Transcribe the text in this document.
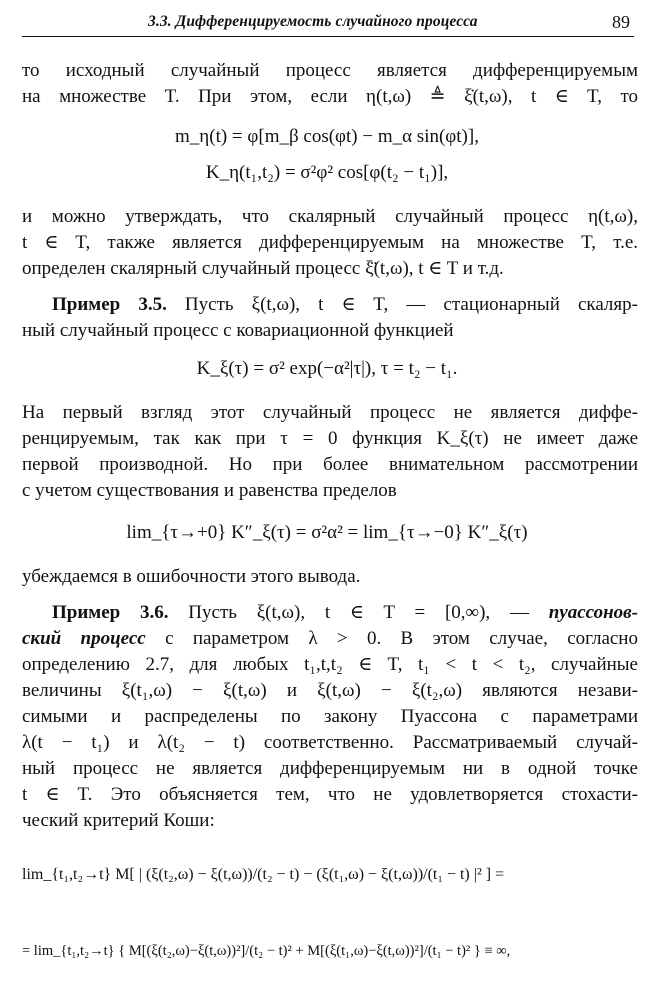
3.3. Дифференцируемость случайного процесса	89
то исходный случайный процесс является дифференцируемым
на множестве T. При этом, если η(t,ω) ≜ ξ̇(t,ω), t ∈ T, то
m_η(t) = φ[m_β cos(φt) − m_α sin(φt)],
K_η(t₁,t₂) = σ²φ² cos[φ(t₂ − t₁)],
и можно утверждать, что скалярный случайный процесс η(t,ω),
t ∈ T, также является дифференцируемым на множестве T, т.е.
определен скалярный случайный процесс ξ̈(t,ω), t ∈ T и т.д.
Пример 3.5. Пусть ξ(t,ω), t ∈ T, — стационарный скаляр-
ный случайный процесс с ковариационной функцией
K_ξ(τ) = σ² exp(−α²|τ|), τ = t₂ − t₁.
На первый взгляд этот случайный процесс не является диффе-
ренцируемым, так как при τ = 0 функция K_ξ(τ) не имеет даже
первой производной. Но при более внимательном рассмотрении
с учетом существования и равенства пределов
lim_{τ→+0} K″_ξ(τ) = σ²α² = lim_{τ→−0} K″_ξ(τ)
убеждаемся в ошибочности этого вывода.
Пример 3.6. Пусть ξ(t,ω), t ∈ T = [0,∞), — пуассонов-
ский процесс с параметром λ > 0. В этом случае, согласно
определению 2.7, для любых t₁,t,t₂ ∈ T, t₁ < t < t₂, случайные
величины ξ(t₁,ω) − ξ(t,ω) и ξ(t,ω) − ξ(t₂,ω) являются незави-
симыми и распределены по закону Пуассона с параметрами
λ(t − t₁) и λ(t₂ − t) соответственно. Рассматриваемый случай-
ный процесс не является дифференцируемым ни в одной точке
t ∈ T. Это объясняется тем, что не удовлетворяется стохасти-
ческий критерий Коши:
lim_{t₁,t₂→t} M[ | (ξ(t₂,ω) − ξ(t,ω))/(t₂ − t) − (ξ(t₁,ω) − ξ(t,ω))/(t₁ − t) |² ] =
= lim_{t₁,t₂→t} { M[(ξ(t₂,ω)−ξ(t,ω))²]/(t₂ − t)² + M[(ξ(t₁,ω)−ξ(t,ω))²]/(t₁ − t)² } ≡ ∞,
